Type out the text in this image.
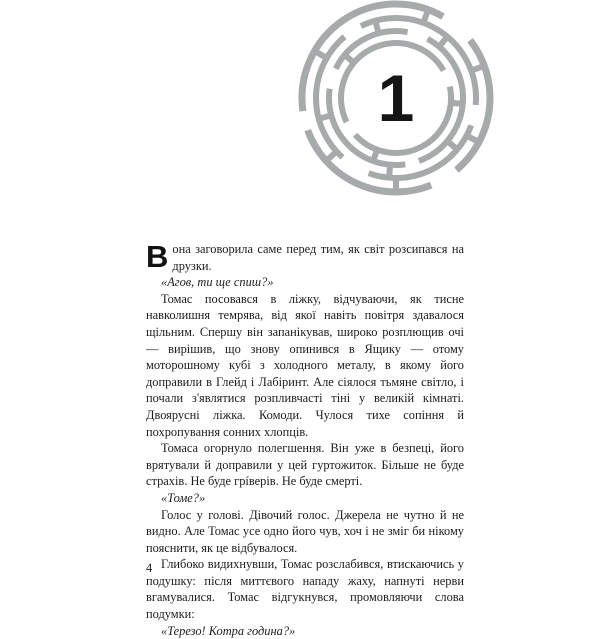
1

Вона заговорила саме перед тим, як світ розсипався на друзки.

«Агов, ти ще спиш?»

Томас посовався в ліжку, відчуваючи, як тисне навколишня темрява, від якої навіть повітря здавалося щільним. Спершу він запанікував, широко розплющив очі — вирішив, що знову опинився в Ящику — отому моторошному кубі з холодного металу, в якому його доправили в Глейд і Лабіринт. Але сіялося тьмяне світло, і почали з'являтися розпливчасті тіні у великій кімнаті. Двоярусні ліжка. Комоди. Чулося тихе сопіння й похропування сонних хлопців.

Томаса огорнуло полегшення. Він уже в безпеці, його врятували й доправили у цей гуртожиток. Більше не буде страхів. Не буде грíверів. Не буде смерті.

«Томе?»

Голос у голові. Дівочий голос. Джерела не чутно й не видно. Але Томас усе одно його чув, хоч і не зміг би нікому пояснити, як це відбувалося.

Глибоко видихнувши, Томас розслабився, втискаючись у подушку: після миттєвого нападу жаху, напнуті нерви вгамувалися. Томас відгукнувся, промовляючи слова подумки:

«Терезо! Котра година?»

4
